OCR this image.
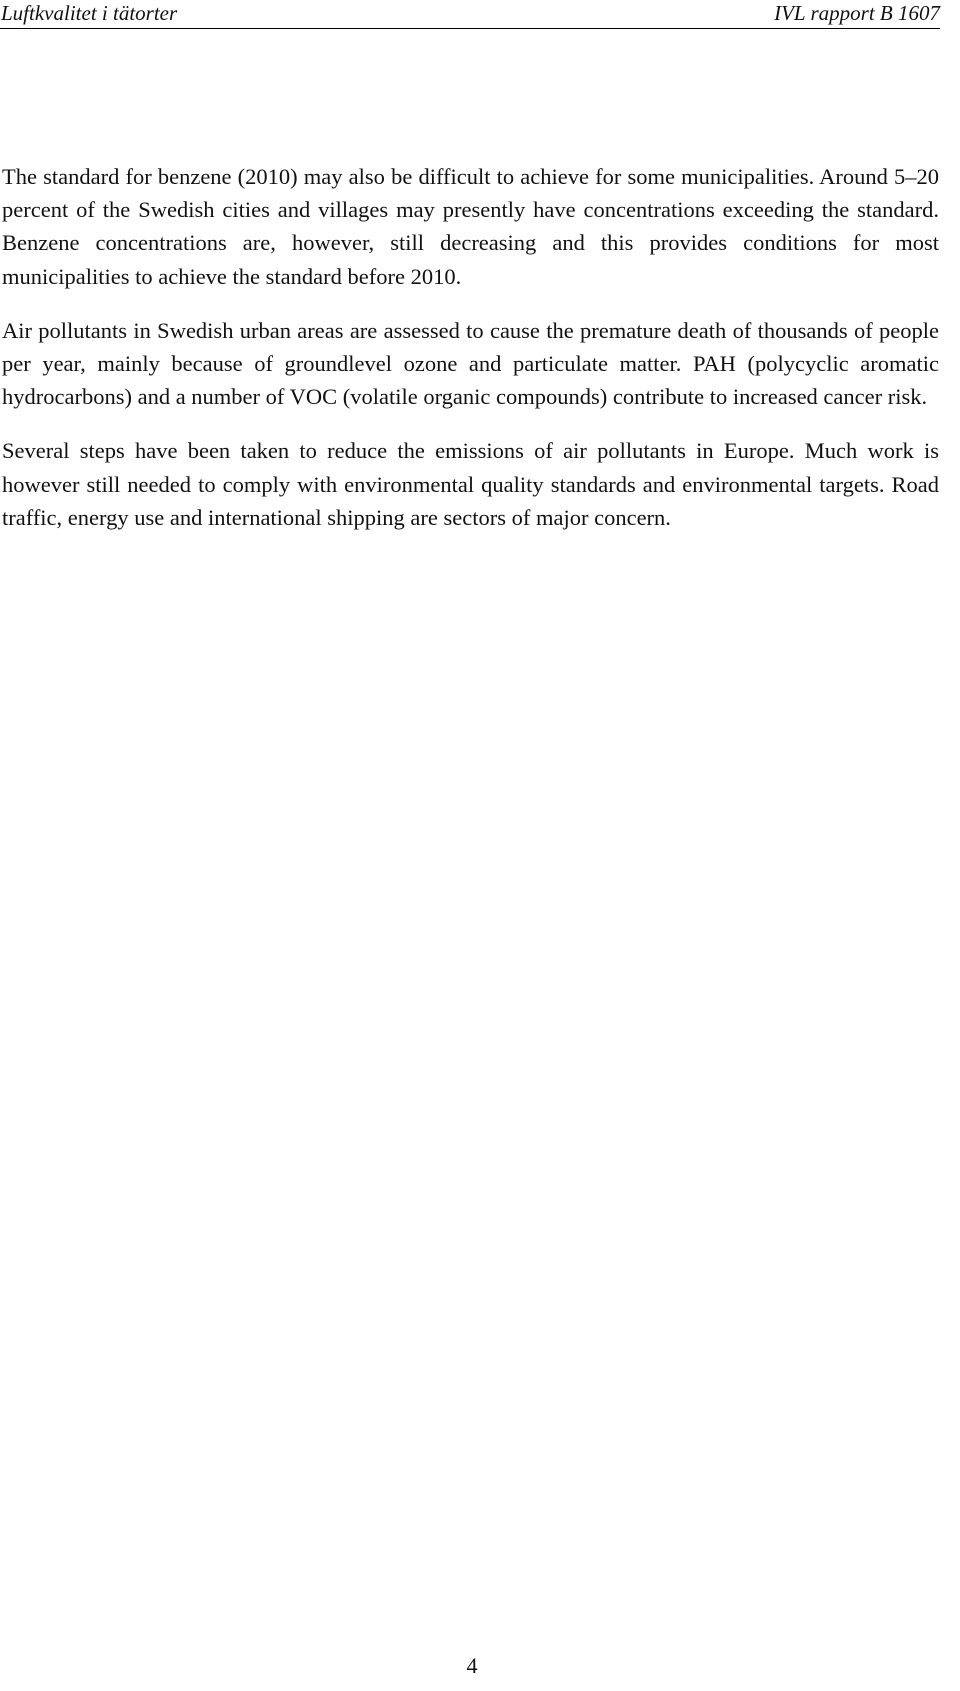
Luftkvalitet i tätorter	IVL rapport B 1607

The standard for benzene (2010) may also be difficult to achieve for some municipalities. Around 5–20 percent of the Swedish cities and villages may presently have concentrations exceeding the standard. Benzene concentrations are, however, still decreasing and this provides conditions for most municipalities to achieve the standard before 2010.

Air pollutants in Swedish urban areas are assessed to cause the premature death of thousands of people per year, mainly because of groundlevel ozone and particulate matter. PAH (polycyclic aromatic hydrocarbons) and a number of VOC (volatile organic compounds) contribute to increased cancer risk.

Several steps have been taken to reduce the emissions of air pollutants in Europe. Much work is however still needed to comply with environmental quality standards and environmental targets. Road traffic, energy use and international shipping are sectors of major concern.

4
